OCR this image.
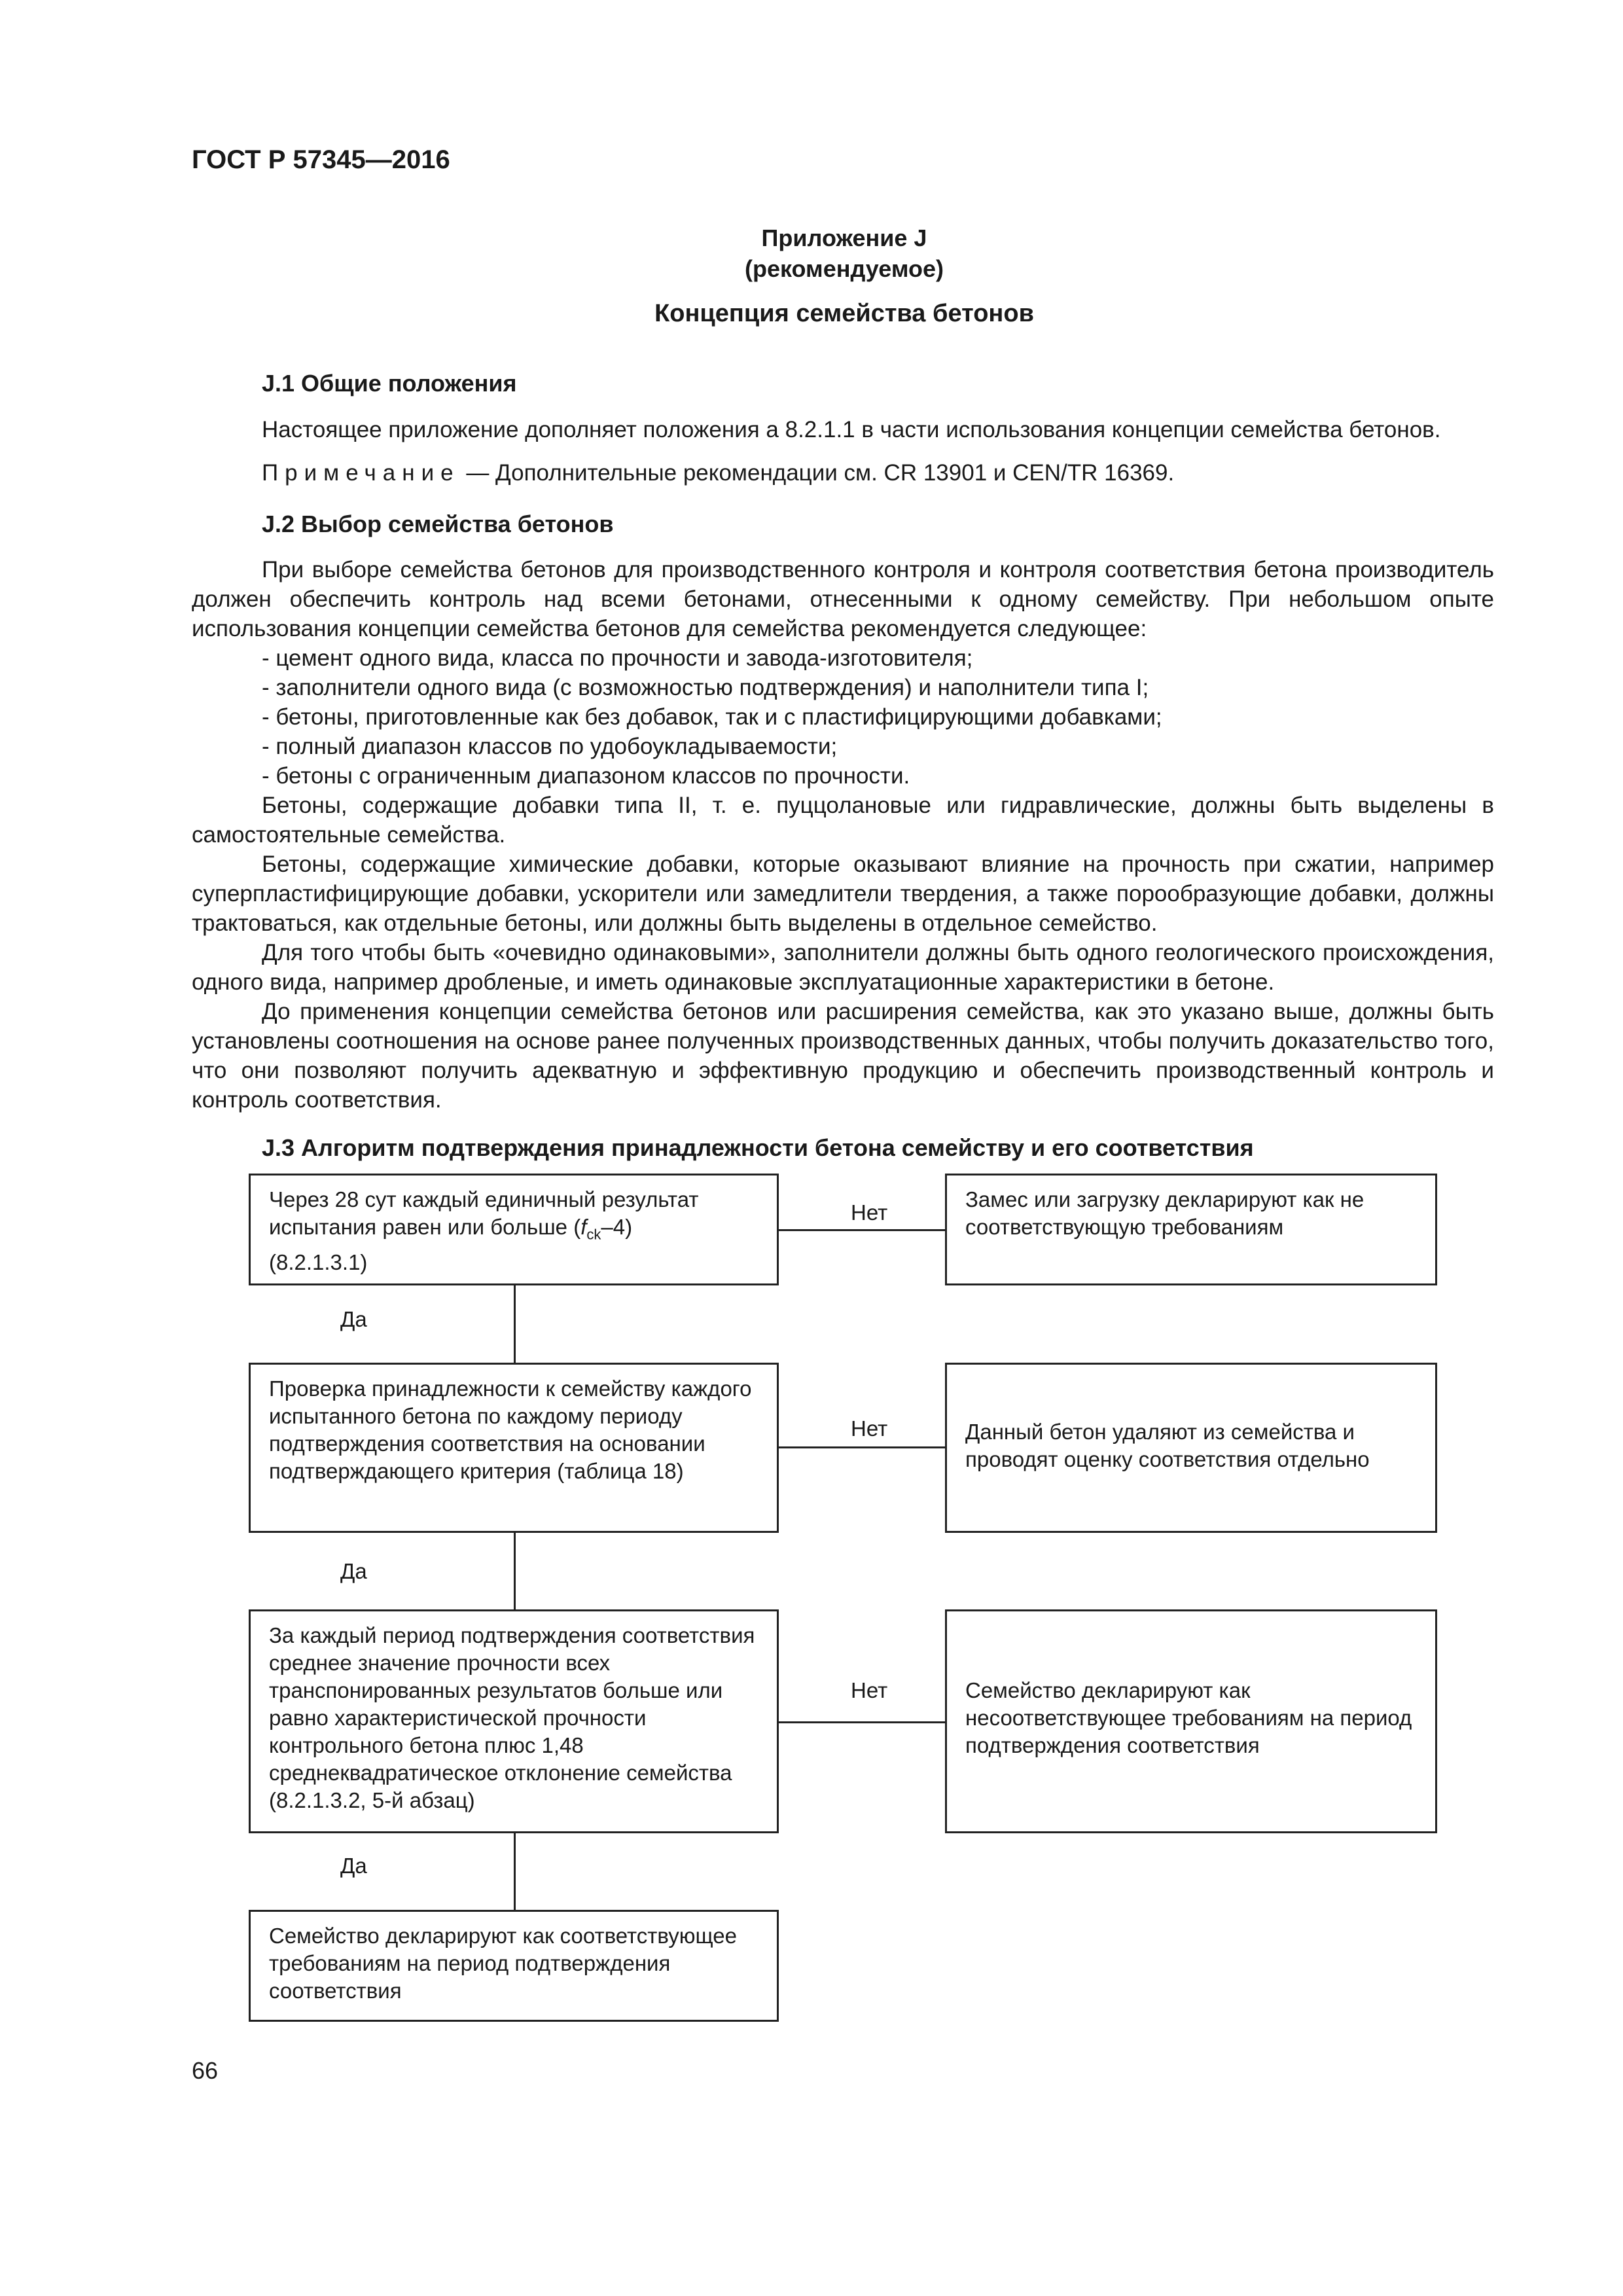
ГОСТ Р 57345—2016
Приложение J
(рекомендуемое)
Концепция семейства бетонов
J.1 Общие положения

Настоящее приложение дополняет положения а 8.2.1.1 в части использования концепции семейства бетонов.

Примечание — Дополнительные рекомендации см. CR 13901 и CEN/TR 16369.

J.2 Выбор семейства бетонов

При выборе семейства бетонов для производственного контроля и контроля соответствия бетона производитель должен обеспечить контроль над всеми бетонами, отнесенными к одному семейству. При небольшом опыте использования концепции семейства бетонов для семейства рекомендуется следующее:

- цемент одного вида, класса по прочности и завода-изготовителя;

- заполнители одного вида (с возможностью подтверждения) и наполнители типа I;

- бетоны, приготовленные как без добавок, так и с пластифицирующими добавками;

- полный диапазон классов по удобоукладываемости;

- бетоны с ограниченным диапазоном классов по прочности.

Бетоны, содержащие добавки типа II, т. е. пуццолановые или гидравлические, должны быть выделены в самостоятельные семейства.

Бетоны, содержащие химические добавки, которые оказывают влияние на прочность при сжатии, например суперпластифицирующие добавки, ускорители или замедлители твердения, а также порообразующие добавки, должны трактоваться, как отдельные бетоны, или должны быть выделены в отдельное семейство.

Для того чтобы быть «очевидно одинаковыми», заполнители должны быть одного геологического происхождения, одного вида, например дробленые, и иметь одинаковые эксплуатационные характеристики в бетоне.

До применения концепции семейства бетонов или расширения семейства, как это указано выше, должны быть установлены соотношения на основе ранее полученных производственных данных, чтобы получить доказательство того, что они позволяют получить адекватную и эффективную продукцию и обеспечить производственный контроль и контроль соответствия.

J.3 Алгоритм подтверждения принадлежности бетона семейству и его соответствия
Через 28 сут каждый единичный результат испытания равен или больше $(f_{ck}-4)$
(8.2.1.3.1)
Проверка принадлежности к семейству каждого испытанного бетона по каждому периоду подтверждения соответствия на основании подтверждающего критерия (таблица 18)
За каждый период подтверждения соответствия среднее значение прочности всех транспонированных результатов больше или равно характеристической прочности контрольного бетона плюс 1,48 среднеквадратическое отклонение семейства (8.2.1.3.2, 5-й абзац)
Семейство декларируют как соответствующее требованиям на период подтверждения соответствия
Замес или загрузку декларируют как не соответствующую требованиям
Данный бетон удаляют из семейства и проводят оценку соответствия отдельно
Семейство декларируют как несоответствующее требованиям на период подтверждения соответствия
Нет
Нет
Нет
Да
Да
Да
66
